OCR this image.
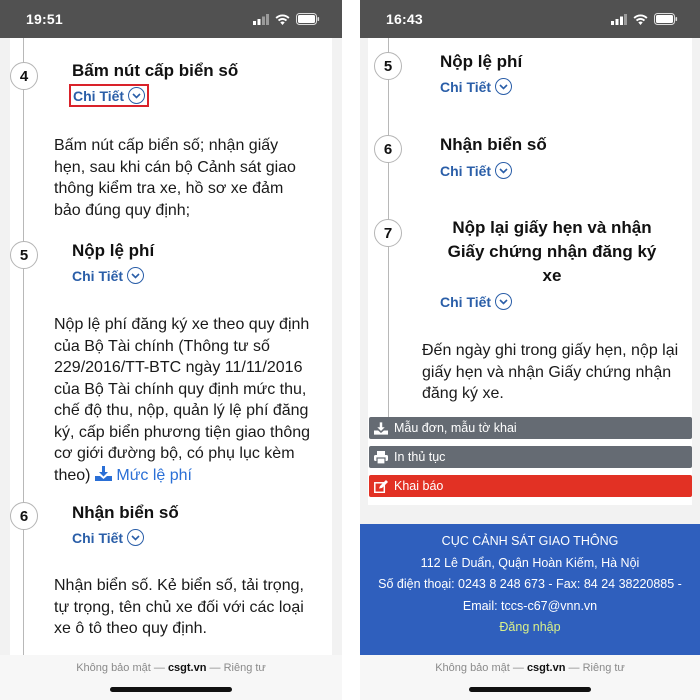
19:51
4	Bấm nút cấp biển số
Chi Tiết
Bấm nút cấp biển số; nhận giấy
hẹn, sau khi cán bộ Cảnh sát giao
thông kiểm tra xe, hồ sơ xe đảm
bảo đúng quy định;
5	Nộp lệ phí
Chi Tiết
Nộp lệ phí đăng ký xe theo quy định
của Bộ Tài chính (Thông tư số
229/2016/TT-BTC ngày 11/11/2016
của Bộ Tài chính quy định mức thu,
chế độ thu, nộp, quản lý lệ phí đăng
ký, cấp biển phương tiện giao thông
cơ giới đường bộ, có phụ lục kèm
theo) Mức lệ phí
6	Nhận biển số
Chi Tiết
Nhận biển số. Kẻ biển số, tải trọng,
tự trọng, tên chủ xe đối với các loại
xe ô tô theo quy định.
Không bảo mật — csgt.vn — Riêng tư
16:43
5	Nộp lệ phí
Chi Tiết
6	Nhận biển số
Chi Tiết
7	Nộp lại giấy hẹn và nhận
Giấy chứng nhận đăng ký
xe
Chi Tiết
Đến ngày ghi trong giấy hẹn, nộp lại
giấy hẹn và nhận Giấy chứng nhận
đăng ký xe.
Mẫu đơn, mẫu tờ khai
In thủ tục
Khai báo
CỤC CẢNH SÁT GIAO THÔNG
112 Lê Duẩn, Quận Hoàn Kiếm, Hà Nội
Số điện thoại: 0243 8 248 673 - Fax: 84 24 38220885 -
Email: tccs-c67@vnn.vn
Đăng nhập
Không bảo mật — csgt.vn — Riêng tư
